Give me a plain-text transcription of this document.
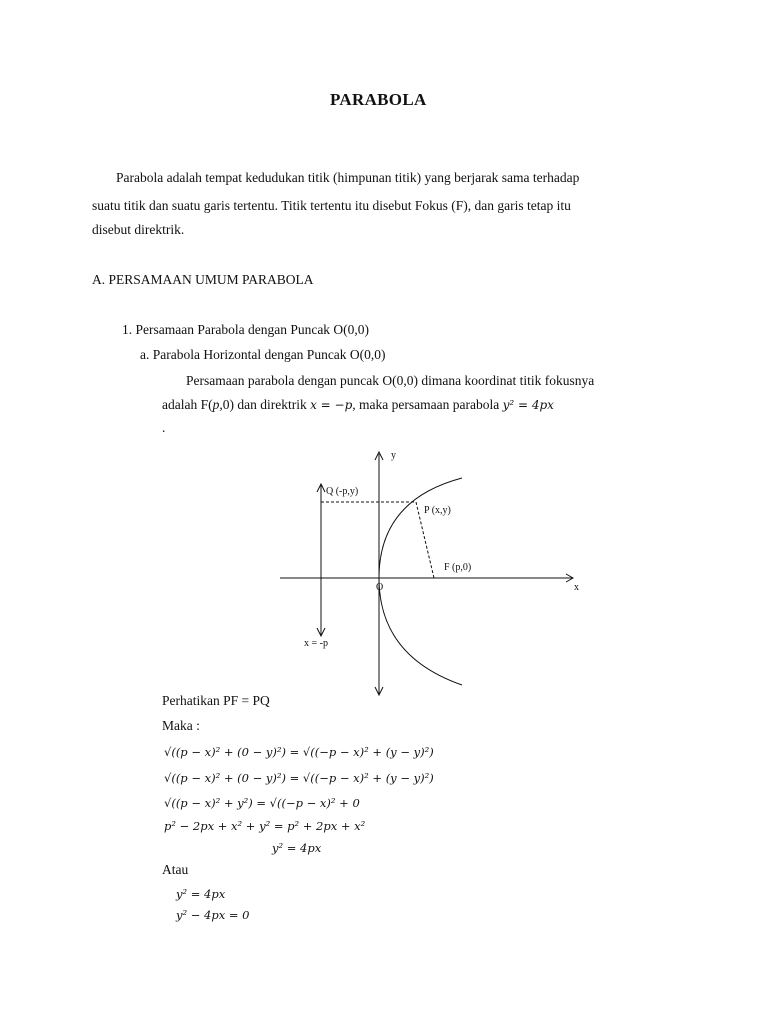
PARABOLA
Parabola adalah tempat kedudukan titik (himpunan titik) yang berjarak sama terhadap
suatu titik dan suatu garis tertentu. Titik tertentu itu disebut Fokus (F), dan garis tetap itu
disebut direktrik.
A. PERSAMAAN UMUM PARABOLA
1. Persamaan Parabola dengan Puncak O(0,0)
a. Parabola Horizontal dengan Puncak O(0,0)
Persamaan parabola dengan puncak O(0,0) dimana koordinat titik fokusnya
adalah F(p,0) dan direktrik x = −p, maka persamaan parabola y² = 4px
.
y
x
Q (-p,y)
P (x,y)
F (p,0)
O
x = -p
Perhatikan PF = PQ
Maka :
√((p − x)² + (0 − y)²) = √((−p − x)² + (y − y)²)
√((p − x)² + (0 − y)²) = √((−p − x)² + (y − y)²)
√((p − x)² + y²) = √((−p − x)² + 0
p² − 2px + x² + y² = p² + 2px + x²
y² = 4px
Atau
y² = 4px
y² − 4px = 0
